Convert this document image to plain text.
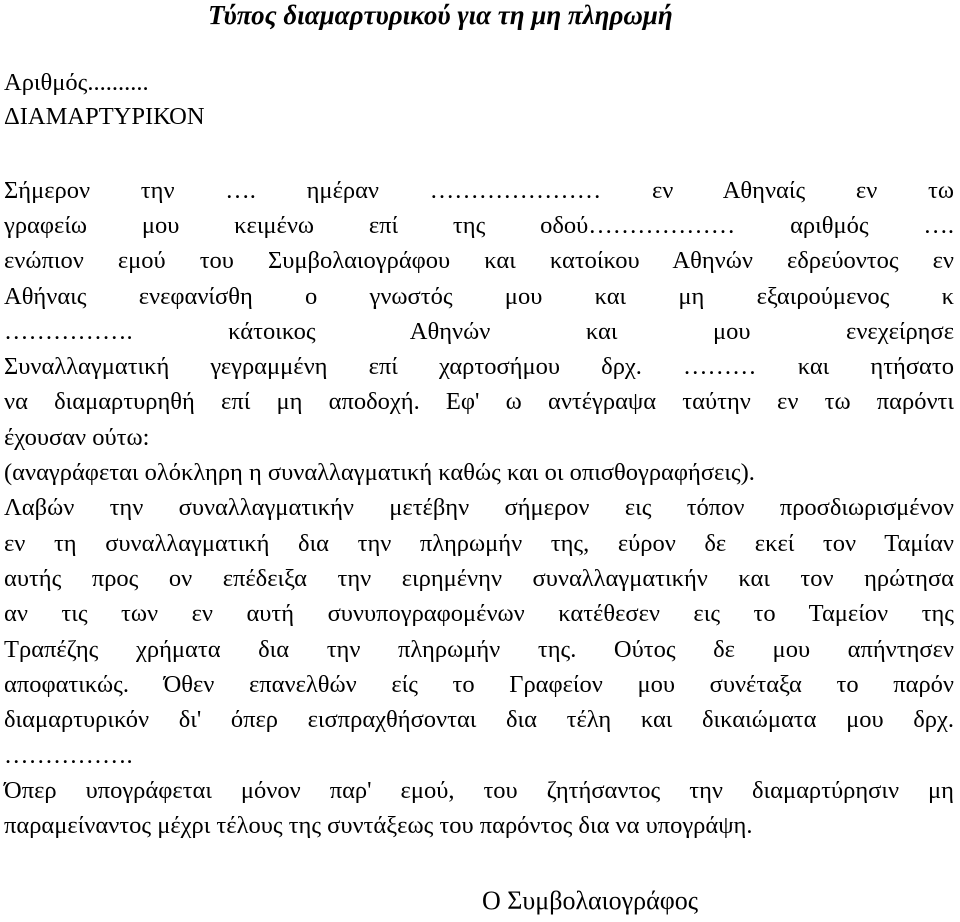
Τύπος διαμαρτυρικού για τη μη πληρωμή
Αριθμός..........
ΔΙΑΜΑΡΤΥΡΙΚΟΝ
Σήμερον την …. ημέραν ………………… εν Αθηναίς εν τω
γραφείω μου κειμένω επί της οδού……………… αριθμός ….
ενώπιον εμού του Συμβολαιογράφου και κατοίκου Αθηνών εδρεύοντος εν
Αθήναις ενεφανίσθη ο γνωστός μου και μη εξαιρούμενος κ
……………. κάτοικος Αθηνών και μου ενεχείρησε
Συναλλαγματική γεγραμμένη επί χαρτοσήμου δρχ. ……… και ητήσατο
να διαμαρτυρηθή επί μη αποδοχή. Εφ' ω αντέγραψα ταύτην εν τω παρόντι
έχουσαν ούτω:
(αναγράφεται ολόκληρη η συναλλαγματική καθώς και οι οπισθογραφήσεις).
Λαβών την συναλλαγματικήν μετέβην σήμερον εις τόπον προσδιωρισμένον
εν τη συναλλαγματική δια την πληρωμήν της, εύρον δε εκεί τον Ταμίαν
αυτής προς ον επέδειξα την ειρημένην συναλλαγματικήν και τον ηρώτησα
αν τις των εν αυτή συνυπογραφομένων κατέθεσεν εις το Ταμείον της
Τραπέζης χρήματα δια την πληρωμήν της. Ούτος δε μου απήντησεν
αποφατικώς. Όθεν επανελθών είς το Γραφείον μου συνέταξα το παρόν
διαμαρτυρικόν δι' όπερ εισπραχθήσονται δια τέλη και δικαιώματα μου δρχ.
…………….
Όπερ υπογράφεται μόνον παρ' εμού, του ζητήσαντος την διαμαρτύρησιν μη
παραμείναντος μέχρι τέλους της συντάξεως του παρόντος δια να υπογράψη.
Ο Συμβολαιογράφος
